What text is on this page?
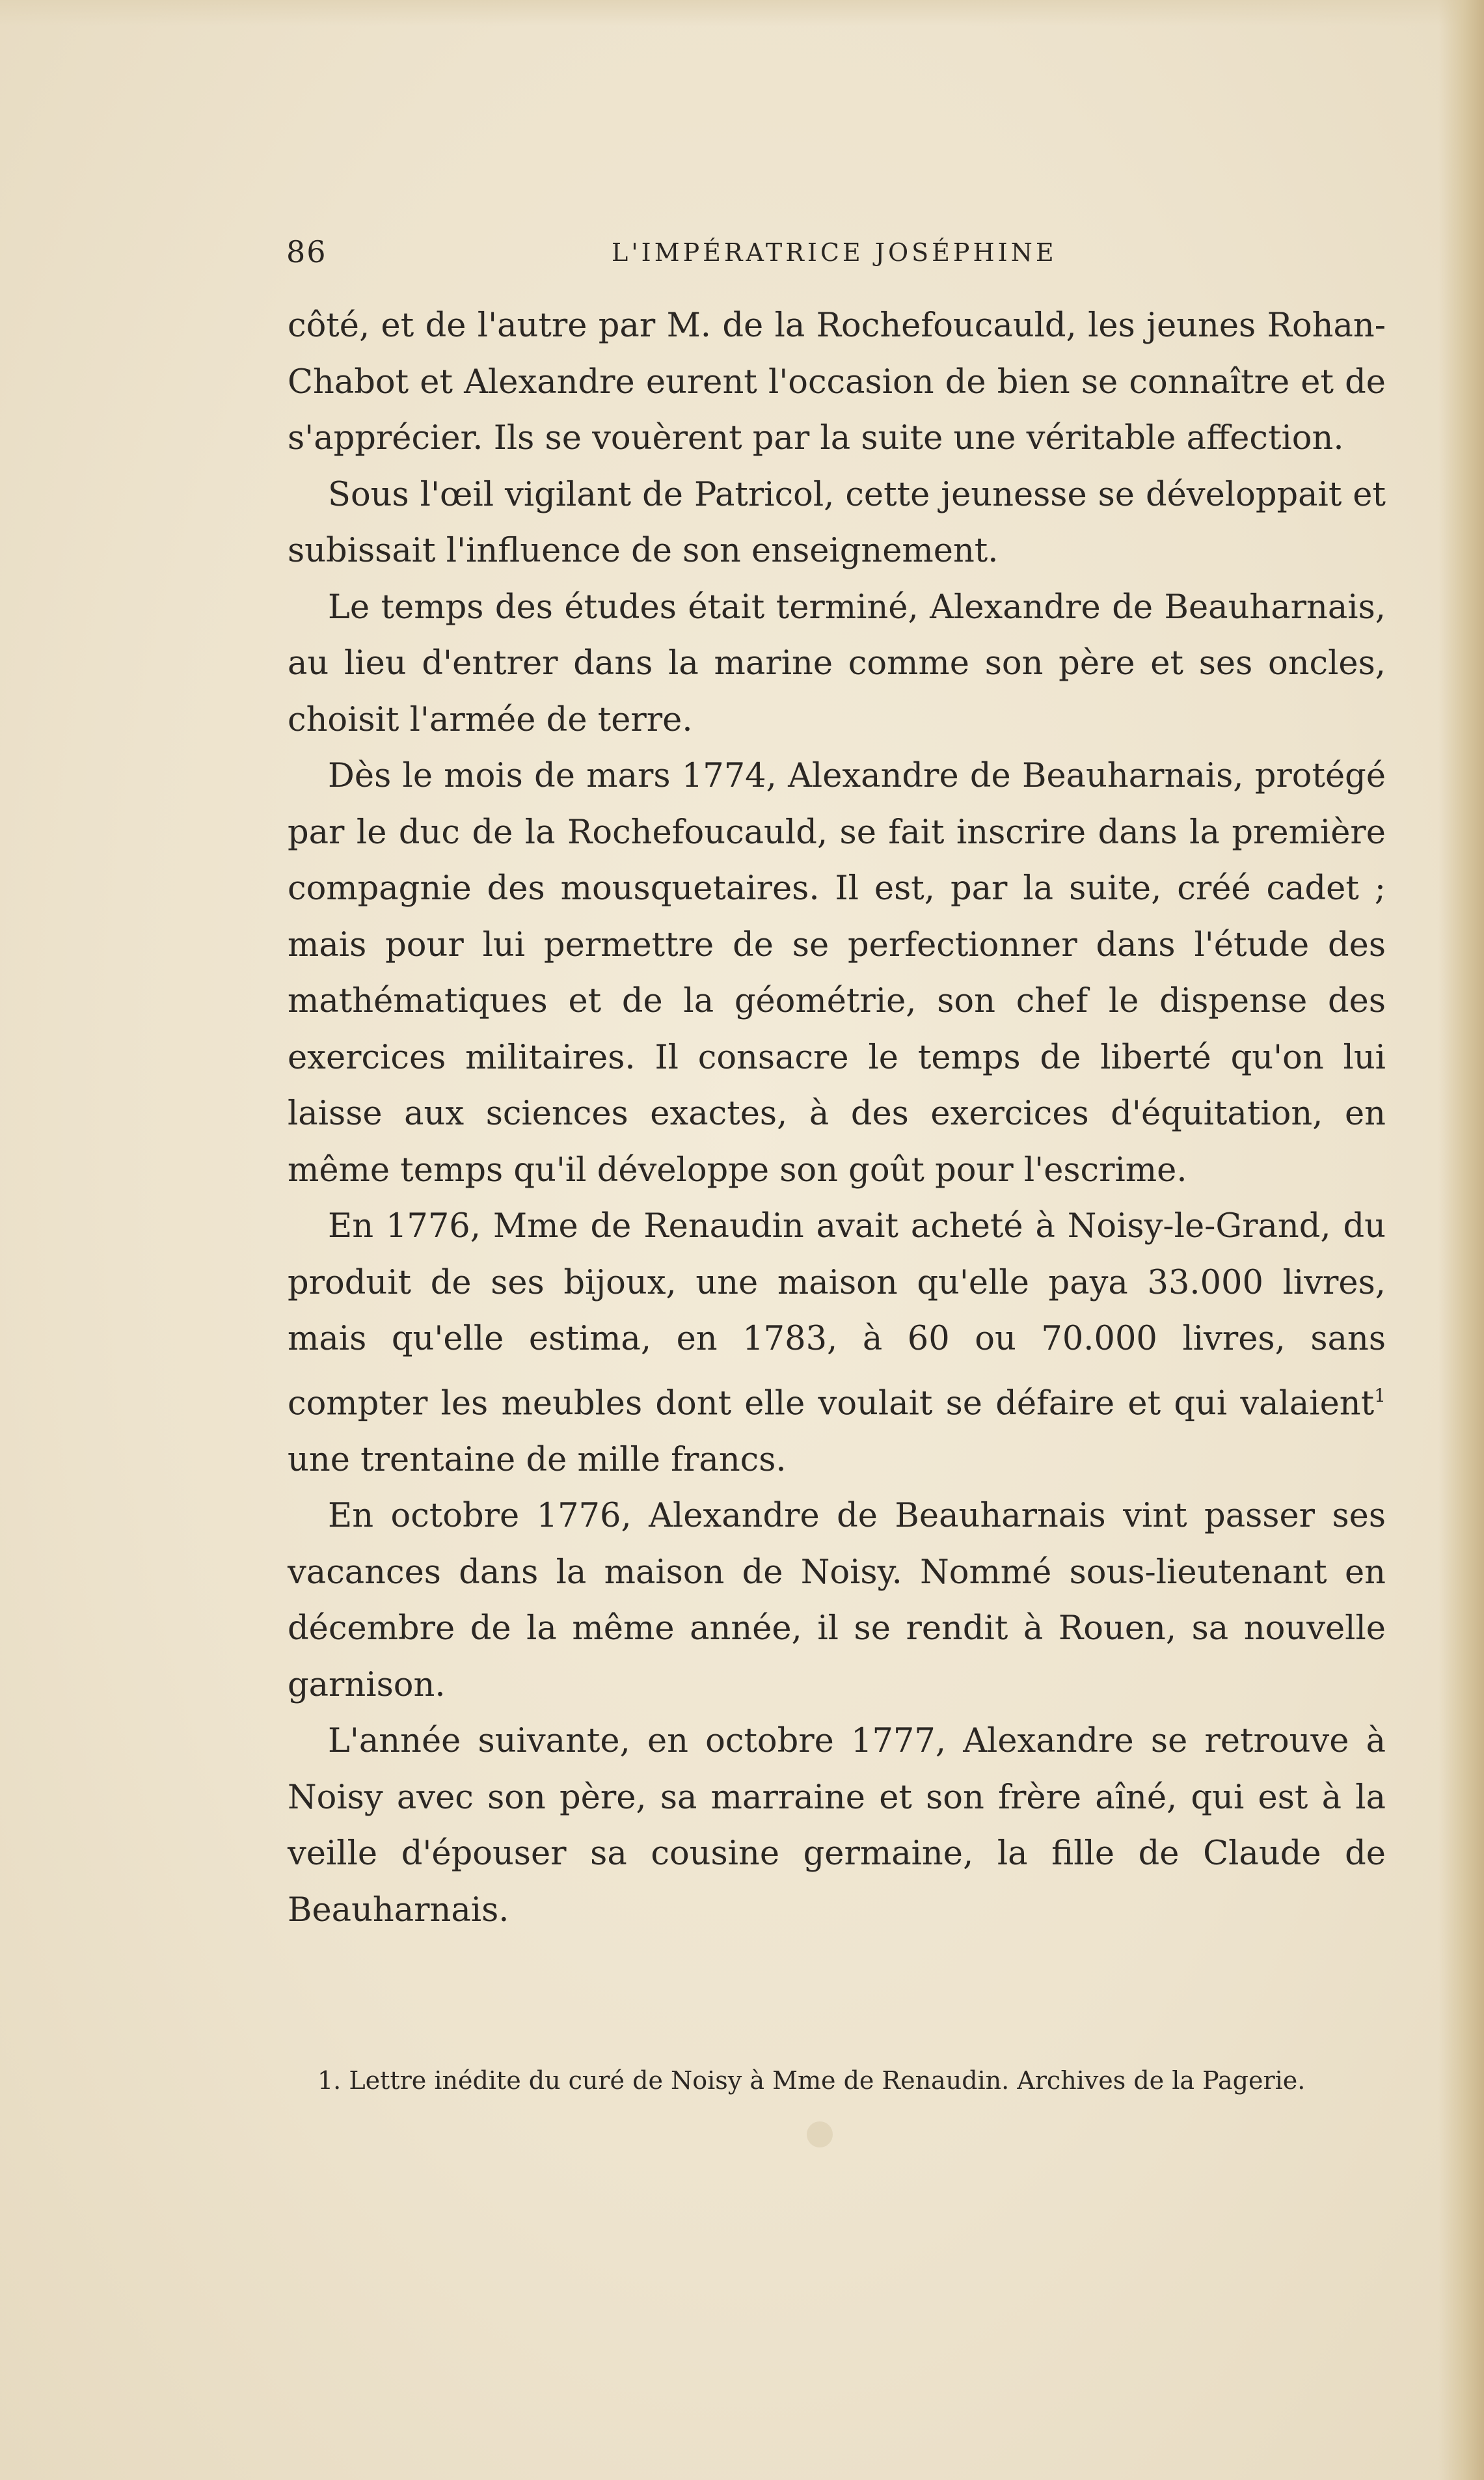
86	L'IMPÉRATRICE JOSÉPHINE

côté, et de l'autre par M. de la Rochefoucauld, les jeunes Rohan-Chabot et Alexandre eurent l'occasion de bien se connaître et de s'apprécier. Ils se vouèrent par la suite une véritable affection.

Sous l'œil vigilant de Patricol, cette jeunesse se développait et subissait l'influence de son enseignement.

Le temps des études était terminé, Alexandre de Beauharnais, au lieu d'entrer dans la marine comme son père et ses oncles, choisit l'armée de terre.

Dès le mois de mars 1774, Alexandre de Beauharnais, protégé par le duc de la Rochefoucauld, se fait inscrire dans la première compagnie des mousquetaires. Il est, par la suite, créé cadet ; mais pour lui permettre de se perfectionner dans l'étude des mathématiques et de la géométrie, son chef le dispense des exercices militaires. Il consacre le temps de liberté qu'on lui laisse aux sciences exactes, à des exercices d'équitation, en même temps qu'il développe son goût pour l'escrime.

En 1776, Mme de Renaudin avait acheté à Noisy-le-Grand, du produit de ses bijoux, une maison qu'elle paya 33.000 livres, mais qu'elle estima, en 1783, à 60 ou 70.000 livres, sans compter les meubles dont elle voulait se défaire et qui valaient$^1$ une trentaine de mille francs.

En octobre 1776, Alexandre de Beauharnais vint passer ses vacances dans la maison de Noisy. Nommé sous-lieutenant en décembre de la même année, il se rendit à Rouen, sa nouvelle garnison.

L'année suivante, en octobre 1777, Alexandre se retrouve à Noisy avec son père, sa marraine et son frère aîné, qui est à la veille d'épouser sa cousine germaine, la fille de Claude de Beauharnais.

1. Lettre inédite du curé de Noisy à Mme de Renaudin. Archives de la Pagerie.
